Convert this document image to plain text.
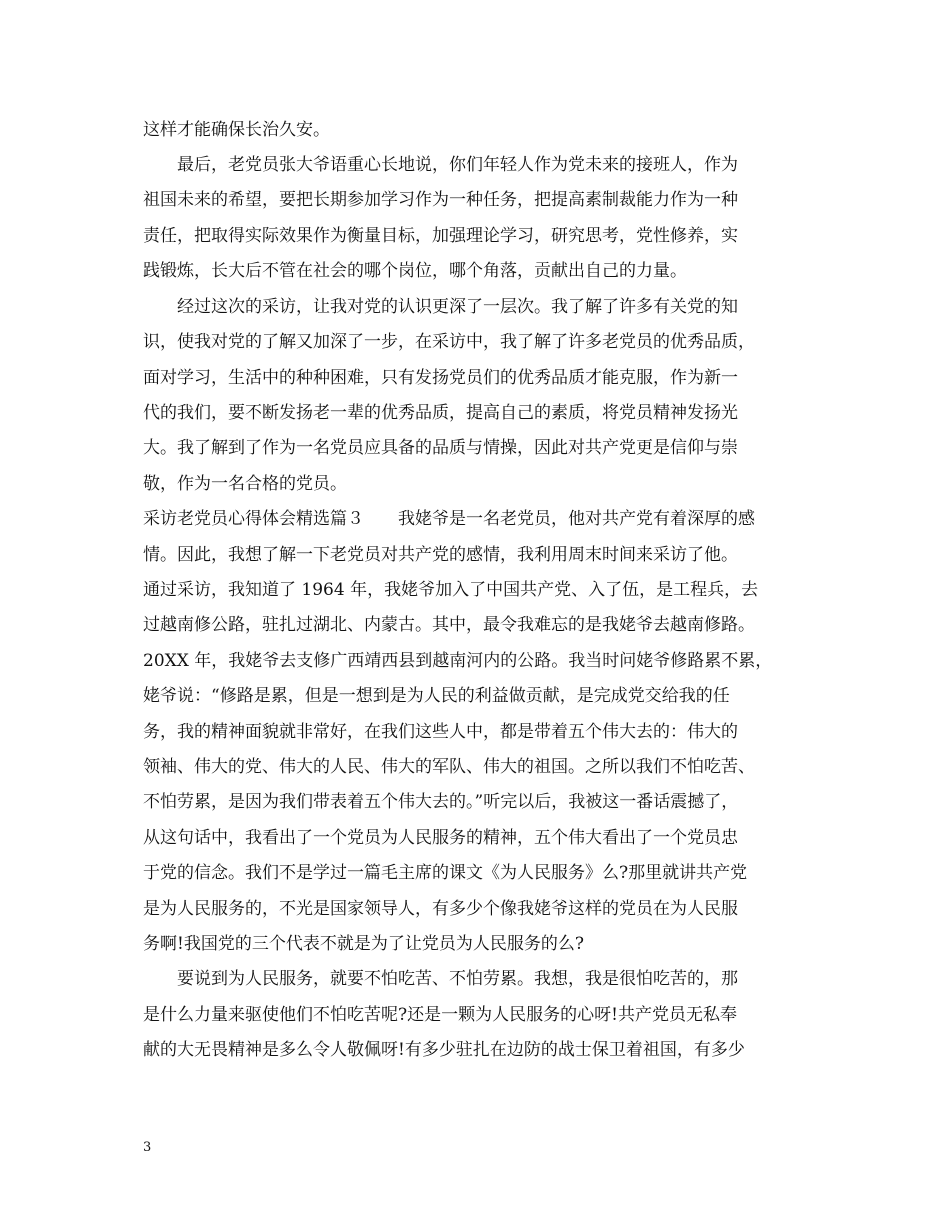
这样才能确保长治久安。
最后，老党员张大爷语重心长地说，你们年轻人作为党未来的接班人，作为
祖国未来的希望，要把长期参加学习作为一种任务，把提高素制裁能力作为一种
责任，把取得实际效果作为衡量目标，加强理论学习，研究思考，党性修养，实
践锻炼，长大后不管在社会的哪个岗位，哪个角落，贡献出自己的力量。
经过这次的采访，让我对党的认识更深了一层次。我了解了许多有关党的知
识，使我对党的了解又加深了一步，在采访中，我了解了许多老党员的优秀品质，
面对学习，生活中的种种困难，只有发扬党员们的优秀品质才能克服，作为新一
代的我们，要不断发扬老一辈的优秀品质，提高自己的素质，将党员精神发扬光
大。我了解到了作为一名党员应具备的品质与情操，因此对共产党更是信仰与崇
敬，作为一名合格的党员。
采访老党员心得体会精选篇３　　我姥爷是一名老党员，他对共产党有着深厚的感
情。因此，我想了解一下老党员对共产党的感情，我利用周末时间来采访了他。
通过采访，我知道了 1964 年，我姥爷加入了中国共产党、入了伍，是工程兵，去
过越南修公路，驻扎过湖北、内蒙古。其中，最令我难忘的是我姥爷去越南修路。
20XX 年，我姥爷去支修广西靖西县到越南河内的公路。我当时问姥爷修路累不累，
姥爷说：“修路是累，但是一想到是为人民的利益做贡献，是完成党交给我的任
务，我的精神面貌就非常好，在我们这些人中，都是带着五个伟大去的：伟大的
领袖、伟大的党、伟大的人民、伟大的军队、伟大的祖国。之所以我们不怕吃苦、
不怕劳累，是因为我们带表着五个伟大去的。”听完以后，我被这一番话震撼了，
从这句话中，我看出了一个党员为人民服务的精神，五个伟大看出了一个党员忠
于党的信念。我们不是学过一篇毛主席的课文《为人民服务》么?那里就讲共产党
是为人民服务的，不光是国家领导人，有多少个像我姥爷这样的党员在为人民服
务啊!我国党的三个代表不就是为了让党员为人民服务的么?
要说到为人民服务，就要不怕吃苦、不怕劳累。我想，我是很怕吃苦的，那
是什么力量来驱使他们不怕吃苦呢?还是一颗为人民服务的心呀!共产党员无私奉
献的大无畏精神是多么令人敬佩呀!有多少驻扎在边防的战士保卫着祖国，有多少
3
